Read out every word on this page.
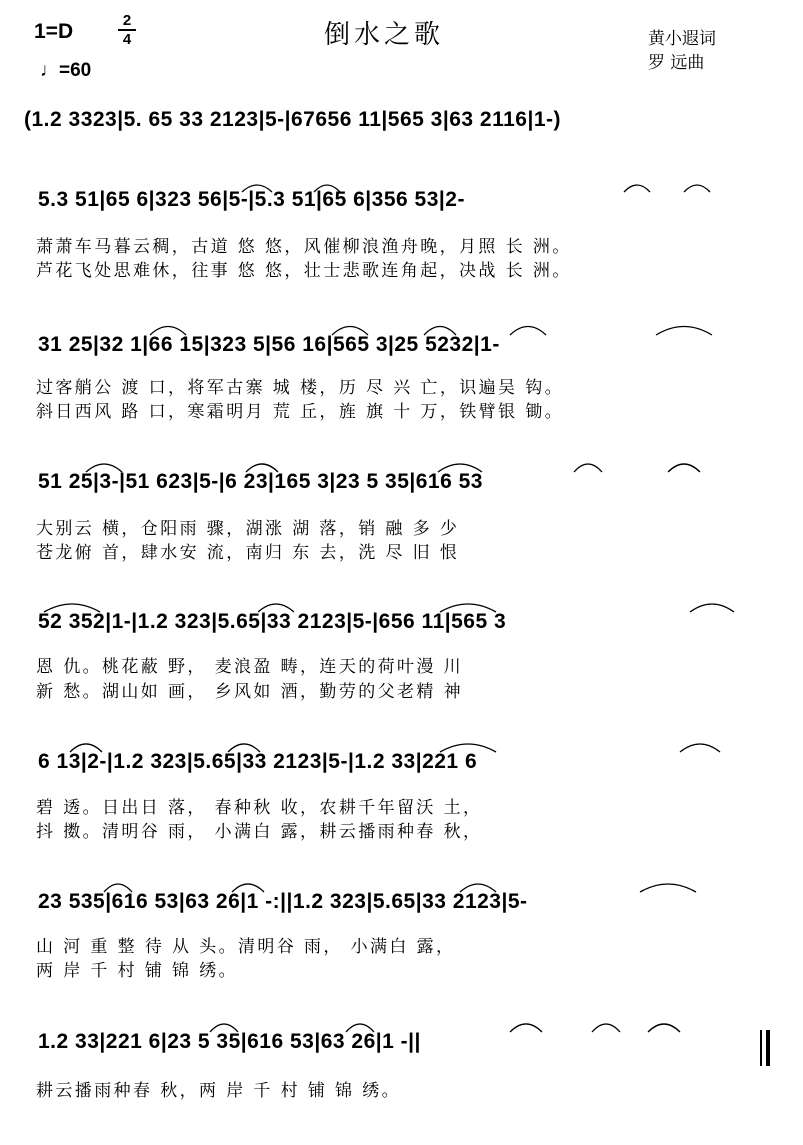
1=D	2
4
♩=60
倒水之歌	黄小遐词
罗 远曲
(1.2 3323|5. 65 33 2123|5-|67656 11|565 3|63 2116|1-)
5.3 51|65 6|323 56|5-|5.3 51|65 6|356 53|2-
萧萧车马暮云稠，古道 悠 悠，风催柳浪渔舟晚，月照 长 洲。
芦花飞处思难休，往事 悠 悠，壮士悲歌连角起，决战 长 洲。
31 25|32 1|66 15|323 5|56 16|565 3|25 5232|1-
过客艄公 渡 口，将军古寨 城 楼，历 尽 兴 亡，识遍吴 钩。
斜日西风 路 口，寒霜明月 荒 丘，旌 旗 十 万，铁臂银 锄。
51 25|3-|51 623|5-|6 23|165 3|23 5 35|616 53
大别云 横，仓阳雨 骤，湖涨 湖 落，销 融 多 少
苍龙俯 首，肆水安 流，南归 东 去，洗 尽 旧 恨
52 352|1-|1.2 323|5.65|33 2123|5-|656 11|565 3
恩 仇。桃花蔽 野， 麦浪盈 畴，连天的荷叶漫 川
新 愁。湖山如 画， 乡风如 酒，勤劳的父老精 神
6 13|2-|1.2 323|5.65|33 2123|5-|1.2 33|221 6
碧 透。日出日 落， 春种秋 收，农耕千年留沃 土，
抖 擞。清明谷 雨， 小满白 露，耕云播雨种春 秋，
23 535|616 53|63 26|1 -:||1.2 323|5.65|33 2123|5-
山 河 重 整 待 从 头。清明谷 雨， 小满白 露，
两 岸 千 村 铺 锦 绣。
1.2 33|221 6|23 5 35|616 53|63 26|1 -||
耕云播雨种春 秋，两 岸 千 村 铺 锦 绣。
